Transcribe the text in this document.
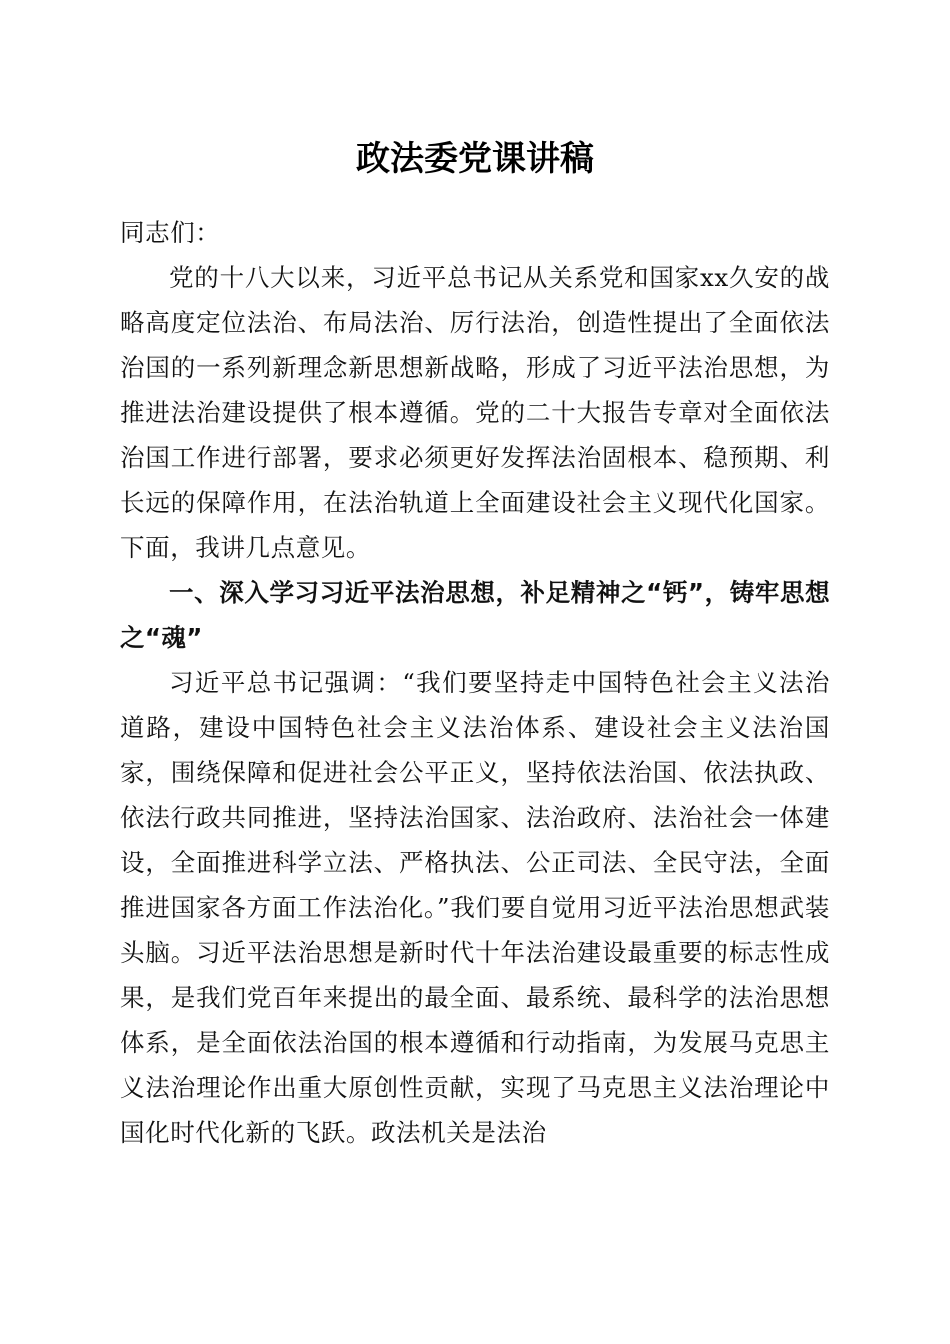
政法委党课讲稿

同志们：

党的十八大以来，习近平总书记从关系党和国家xx久安的战略高度定位法治、布局法治、厉行法治，创造性提出了全面依法治国的一系列新理念新思想新战略，形成了习近平法治思想，为推进法治建设提供了根本遵循。党的二十大报告专章对全面依法治国工作进行部署，要求必须更好发挥法治固根本、稳预期、利长远的保障作用，在法治轨道上全面建设社会主义现代化国家。下面，我讲几点意见。

一、深入学习习近平法治思想，补足精神之“钙”，铸牢思想之“魂”

习近平总书记强调：“我们要坚持走中国特色社会主义法治道路，建设中国特色社会主义法治体系、建设社会主义法治国家，围绕保障和促进社会公平正义，坚持依法治国、依法执政、依法行政共同推进，坚持法治国家、法治政府、法治社会一体建设，全面推进科学立法、严格执法、公正司法、全民守法，全面推进国家各方面工作法治化。”我们要自觉用习近平法治思想武装头脑。习近平法治思想是新时代十年法治建设最重要的标志性成果，是我们党百年来提出的最全面、最系统、最科学的法治思想体系，是全面依法治国的根本遵循和行动指南，为发展马克思主义法治理论作出重大原创性贡献，实现了马克思主义法治理论中国化时代化新的飞跃。政法机关是法治
